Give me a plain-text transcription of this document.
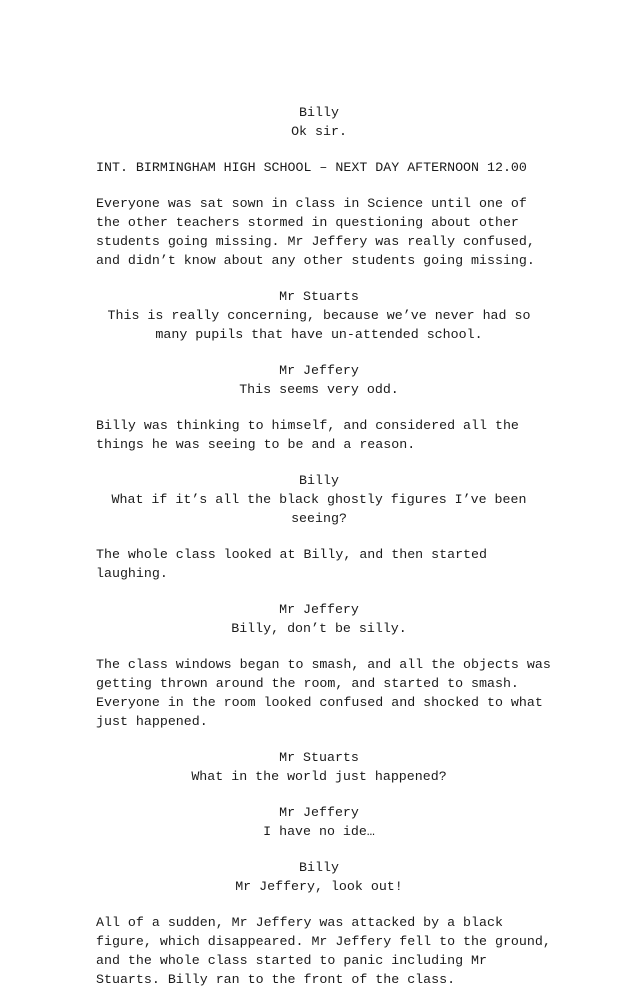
Billy
Ok sir.
INT. BIRMINGHAM HIGH SCHOOL – NEXT DAY AFTERNOON 12.00
Everyone was sat sown in class in Science until one of
the other teachers stormed in questioning about other
students going missing. Mr Jeffery was really confused,
and didn’t know about any other students going missing.
Mr Stuarts
This is really concerning, because we’ve never had so
many pupils that have un-attended school.
Mr Jeffery
This seems very odd.
Billy was thinking to himself, and considered all the
things he was seeing to be and a reason.
Billy
What if it’s all the black ghostly figures I’ve been
seeing?
The whole class looked at Billy, and then started
laughing.
Mr Jeffery
Billy, don’t be silly.
The class windows began to smash, and all the objects was
getting thrown around the room, and started to smash.
Everyone in the room looked confused and shocked to what
just happened.
Mr Stuarts
What in the world just happened?
Mr Jeffery
I have no ide…
Billy
Mr Jeffery, look out!
All of a sudden, Mr Jeffery was attacked by a black
figure, which disappeared. Mr Jeffery fell to the ground,
and the whole class started to panic including Mr
Stuarts. Billy ran to the front of the class.
